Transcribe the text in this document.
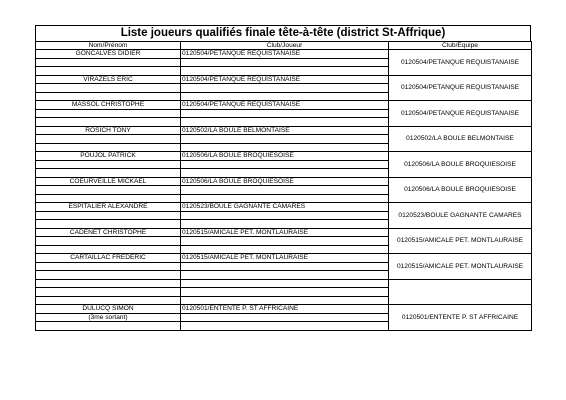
Liste joueurs qualifiés finale tête-à-tête (district St-Affrique)
Nom/Prénom	Club/Joueur	Club/Equipe
GONCALVES DIDIER	0120504/PETANQUE REQUISTANAISE	0120504/PETANQUE REQUISTANAISE

VIRAZELS ERIC	0120504/PETANQUE REQUISTANAISE	0120504/PETANQUE REQUISTANAISE

MASSOL CHRISTOPHE	0120504/PETANQUE REQUISTANAISE	0120504/PETANQUE REQUISTANAISE

ROSICH TONY	0120502/LA BOULE BELMONTAISE	0120502/LA BOULE BELMONTAISE

POUJOL PATRICK	0120506/LA BOULE BROQUIESOISE	0120506/LA BOULE BROQUIESOISE

COEURVEILLE MICKAEL	0120506/LA BOULE BROQUIESOISE	0120506/LA BOULE BROQUIESOISE

ESPITALIER ALEXANDRE	0120523/BOULE GAGNANTE CAMARES	0120523/BOULE GAGNANTE CAMARES

CADENET CHRISTOPHE	0120515/AMICALE PET. MONTLAURAISE	0120515/AMICALE PET. MONTLAURAISE

CARTAILLAC FREDERIC	0120515/AMICALE PET. MONTLAURAISE	0120515/AMICALE PET. MONTLAURAISE

DULUCQ SIMON	0120501/ENTENTE P. ST AFFRICAINE	0120501/ENTENTE P. ST AFFRICAINE
(3me sortant)		
